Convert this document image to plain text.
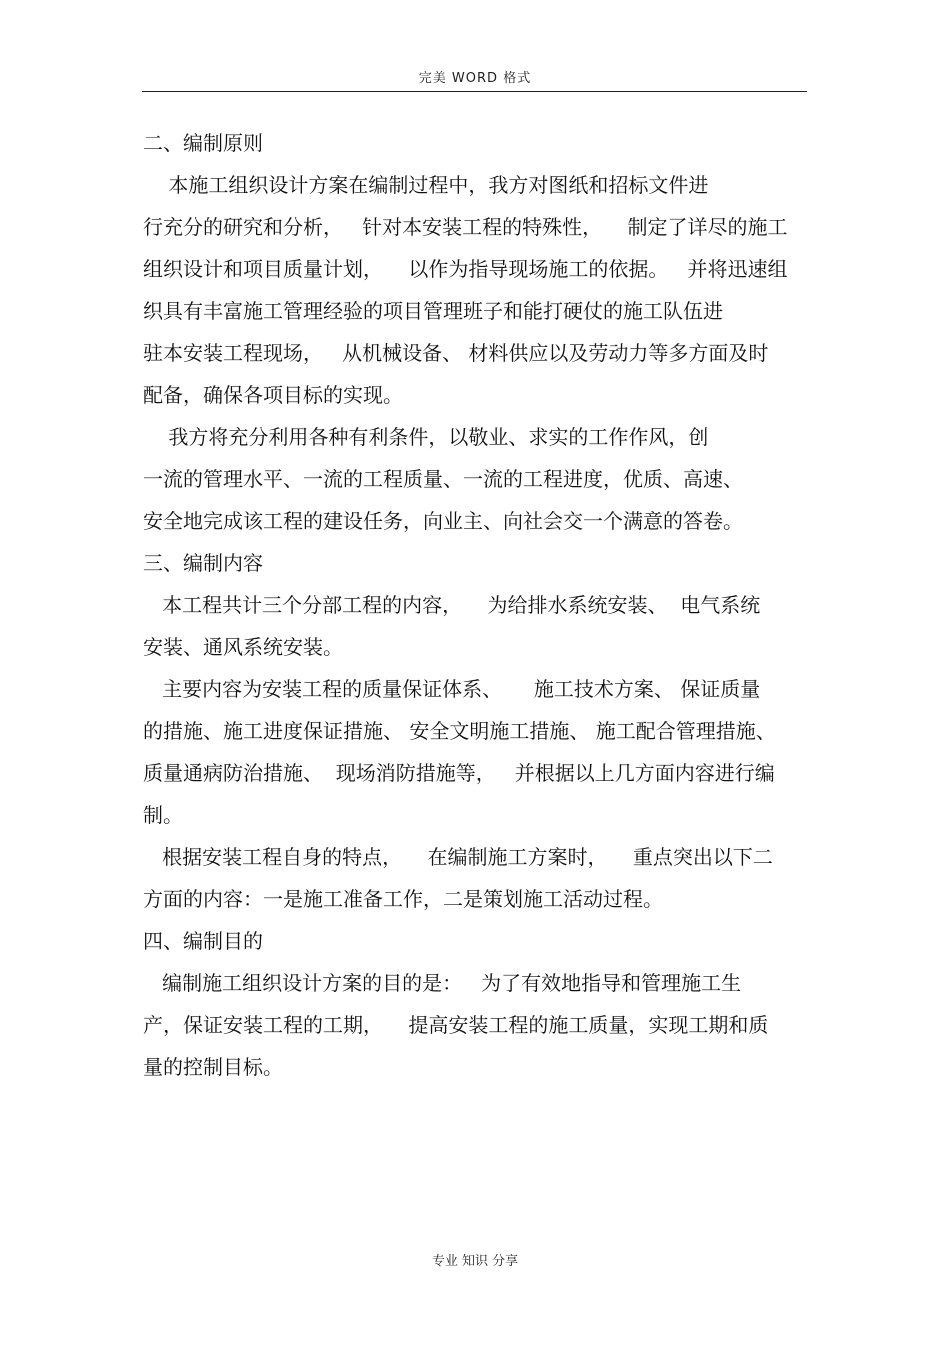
完美 WORD 格式
二、编制原则
本施工组织设计方案在编制过程中，我方对图纸和招标文件进
行充分的研究和分析，   针对本安装工程的特殊性，    制定了详尽的施工
组织设计和项目质量计划，    以作为指导现场施工的依据。   并将迅速组
织具有丰富施工管理经验的项目管理班子和能打硬仗的施工队伍进
驻本安装工程现场，   从机械设备、 材料供应以及劳动力等多方面及时
配备，确保各项目标的实现。
我方将充分利用各种有利条件，以敬业、求实的工作作风，创
一流的管理水平、一流的工程质量、一流的工程进度，优质、高速、
安全地完成该工程的建设任务，向业主、向社会交一个满意的答卷。
三、编制内容
本工程共计三个分部工程的内容，    为给排水系统安装、  电气系统
安装、通风系统安装。
主要内容为安装工程的质量保证体系、     施工技术方案、 保证质量
的措施、施工进度保证措施、 安全文明施工措施、 施工配合管理措施、
质量通病防治措施、  现场消防措施等，   并根据以上几方面内容进行编
制。
根据安装工程自身的特点，    在编制施工方案时，    重点突出以下二
方面的内容：一是施工准备工作，二是策划施工活动过程。
四、编制目的
编制施工组织设计方案的目的是：   为了有效地指导和管理施工生
产，保证安装工程的工期，    提高安装工程的施工质量，实现工期和质
量的控制目标。
专业 知识 分享
